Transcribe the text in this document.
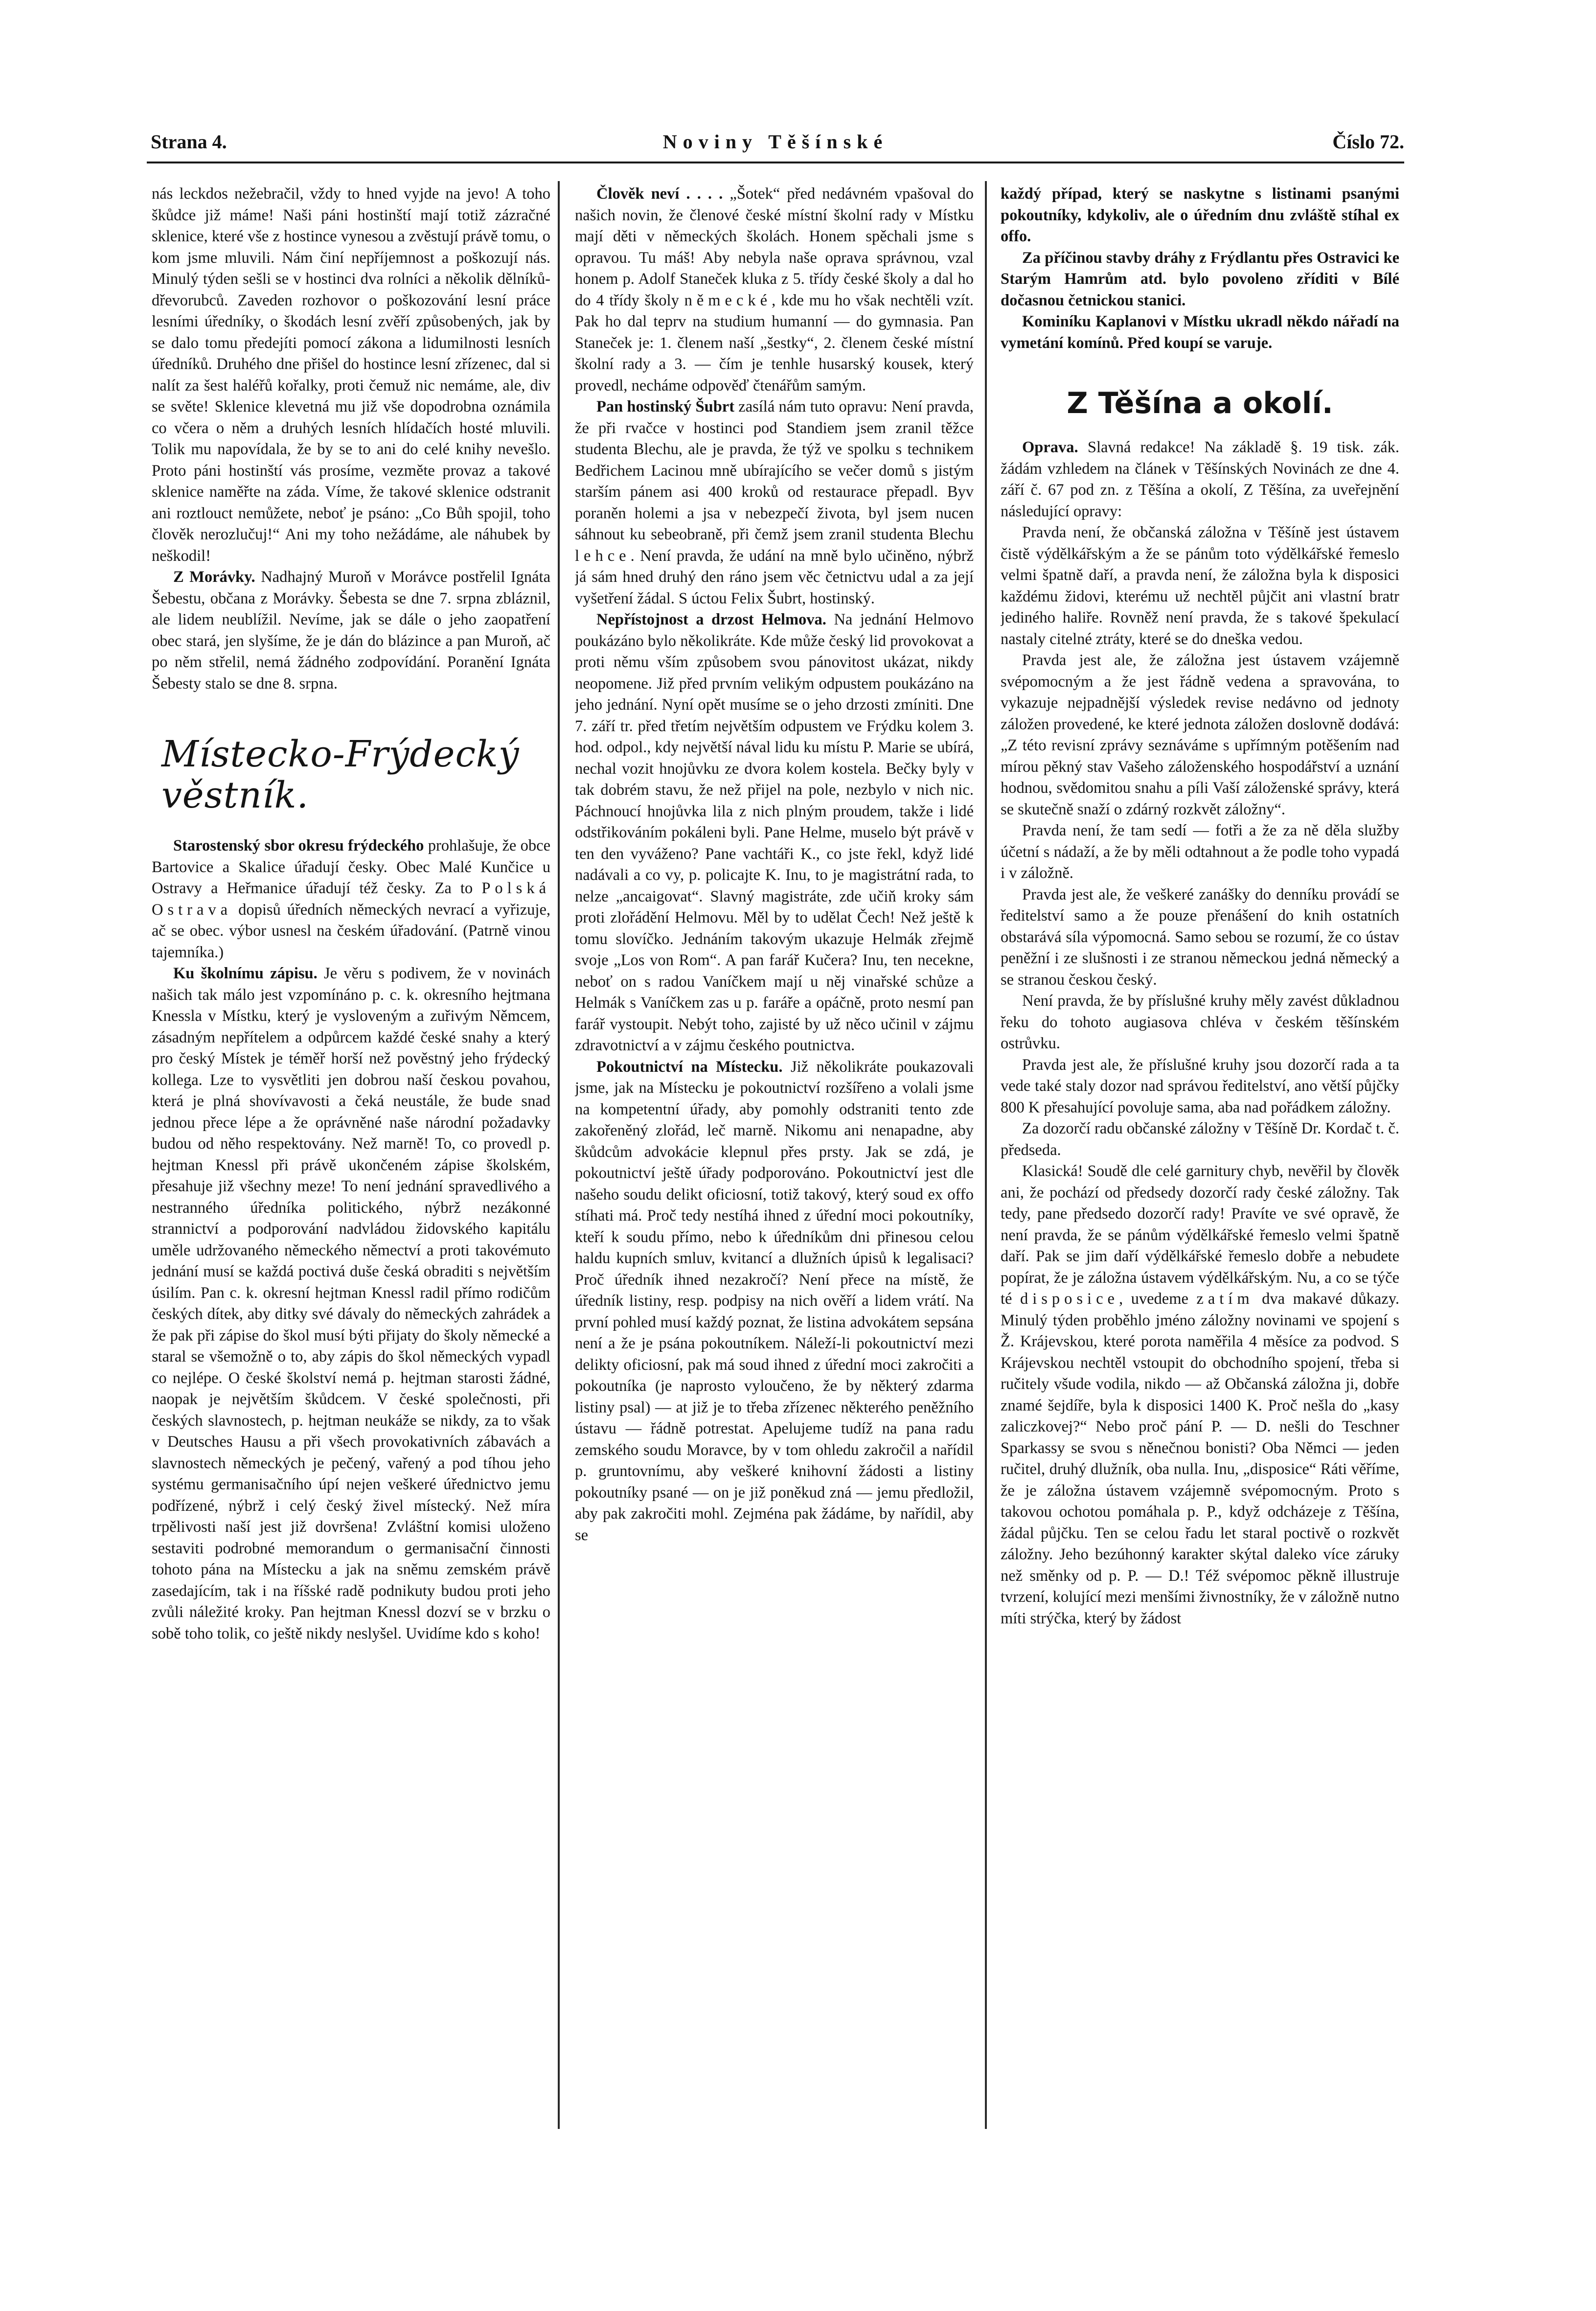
Strana 4.	Noviny Těšínské	Číslo 72.

nás leckdos nežebračil, vždy to hned vyjde na jevo! A toho škůdce již máme! Naši páni hostinští mají totiž zázračné sklenice, které vše z hostince vynesou a zvěstují právě tomu, o kom jsme mluvili. Nám činí nepříjemnost a poškozují nás. Minulý týden sešli se v hostinci dva rolníci a několik dělníků-dřevorubců. Zaveden rozhovor o poškozování lesní práce lesními úředníky, o škodách lesní zvěří způsobených, jak by se dalo tomu předejíti pomocí zákona a lidumilnosti lesních úředníků. Druhého dne přišel do hostince lesní zřízenec, dal si nalít za šest haléřů kořalky, proti čemuž nic nemáme, ale, div se světe! Sklenice klevetná mu již vše dopodrobna oznámila co včera o něm a druhých lesních hlídačích hosté mluvili. Tolik mu napovídala, že by se to ani do celé knihy nevešlo. Proto páni hostinští vás prosíme, vezměte provaz a takové sklenice naměřte na záda. Víme, že takové sklenice odstranit ani roztlouct nemůžete, neboť je psáno: „Co Bůh spojil, toho člověk nerozlučuj!“ Ani my toho nežádáme, ale náhubek by neškodil!

Z Morávky. Nadhajný Muroň v Morávce postřelil Ignáta Šebestu, občana z Morávky. Šebesta se dne 7. srpna zbláznil, ale lidem neublížil. Nevíme, jak se dále o jeho zaopatření obec stará, jen slyšíme, že je dán do blázince a pan Muroň, ač po něm střelil, nemá žádného zodpovídání. Poranění Ignáta Šebesty stalo se dne 8. srpna.

Místecko-Frýdecký věstník.

Starostenský sbor okresu frýdeckého prohlašuje, že obce Bartovice a Skalice úřadují česky. Obec Malé Kunčice u Ostravy a Heřmanice úřadují též česky. Za to Polská Ostrava dopisů úředních německých nevrací a vyřizuje, ač se obec. výbor usnesl na českém úřadování. (Patrně vinou tajemníka.)

Ku školnímu zápisu. Je věru s podivem, že v novinách našich tak málo jest vzpomínáno p. c. k. okresního hejtmana Knessla v Místku, který je vysloveným a zuřivým Němcem, zásadným nepřítelem a odpůrcem každé české snahy a který pro český Místek je téměř horší než pověstný jeho frýdecký kollega. Lze to vysvětliti jen dobrou naší českou povahou, která je plná shovívavosti a čeká neustále, že bude snad jednou přece lépe a že oprávněné naše národní požadavky budou od něho respektovány. Než marně! To, co provedl p. hejtman Knessl při právě ukončeném zápise školském, přesahuje již všechny meze! To není jednání spravedlivého a nestranného úředníka politického, nýbrž nezákonné strannictví a podporování nadvládou židovského kapitálu uměle udržovaného německého němectví a proti takovémuto jednání musí se každá poctivá duše česká obraditi s největším úsilím. Pan c. k. okresní hejtman Knessl radil přímo rodičům českých dítek, aby ditky své dávaly do německých zahrádek a že pak při zápise do škol musí býti přijaty do školy německé a staral se všemožně o to, aby zápis do škol německých vypadl co nejlépe. O české školství nemá p. hejtman starosti žádné, naopak je největším škůdcem. V české společnosti, při českých slavnostech, p. hejtman neukáže se nikdy, za to však v Deutsches Hausu a při všech provokativních zábavách a slavnostech německých je pečený, vařený a pod tíhou jeho systému germanisačního úpí nejen veškeré úřednictvo jemu podřízené, nýbrž i celý český živel místecký. Než míra trpělivosti naší jest již dovršena! Zvláštní komisi uloženo sestaviti podrobné memorandum o germanisační činnosti tohoto pána na Místecku a jak na sněmu zemském právě zasedajícím, tak i na říšské radě podnikuty budou proti jeho zvůli náležité kroky. Pan hejtman Knessl dozví se v brzku o sobě toho tolik, co ještě nikdy neslyšel. Uvidíme kdo s koho!

Člověk neví . . . . „Šotek“ před nedávném vpašoval do našich novin, že členové české místní školní rady v Místku mají děti v německých školách. Honem spěchali jsme s opravou. Tu máš! Aby nebyla naše oprava správnou, vzal honem p. Adolf Staneček kluka z 5. třídy české školy a dal ho do 4 třídy školy německé, kde mu ho však nechtěli vzít. Pak ho dal teprv na studium humanní — do gymnasia. Pan Staneček je: 1. členem naší „šestky“, 2. členem české místní školní rady a 3. — čím je tenhle husarský kousek, který provedl, necháme odpověď čtenářům samým.

Pan hostinský Šubrt zasílá nám tuto opravu: Není pravda, že při rvačce v hostinci pod Standiem jsem zranil těžce studenta Blechu, ale je pravda, že týž ve spolku s technikem Bedřichem Lacinou mně ubírajícího se večer domů s jistým starším pánem asi 400 kroků od restaurace přepadl. Byv poraněn holemi a jsa v nebezpečí života, byl jsem nucen sáhnout ku sebeobraně, při čemž jsem zranil studenta Blechu lehce. Není pravda, že udání na mně bylo učiněno, nýbrž já sám hned druhý den ráno jsem věc četnictvu udal a za její vyšetření žádal. S úctou Felix Šubrt, hostinský.

Nepřístojnost a drzost Helmova. Na jednání Helmovo poukázáno bylo několikráte. Kde může český lid provokovat a proti němu vším způsobem svou pánovitost ukázat, nikdy neopomene. Již před prvním velikým odpustem poukázáno na jeho jednání. Nyní opět musíme se o jeho drzosti zmíniti. Dne 7. září tr. před třetím největším odpustem ve Frýdku kolem 3. hod. odpol., kdy největší nával lidu ku místu P. Marie se ubírá, nechal vozit hnojůvku ze dvora kolem kostela. Bečky byly v tak dobrém stavu, že než přijel na pole, nezbylo v nich nic. Páchnoucí hnojůvka lila z nich plným proudem, takže i lidé odstřikováním pokáleni byli. Pane Helme, muselo být právě v ten den vyváženo? Pane vachtáři K., co jste řekl, když lidé nadávali a co vy, p. policajte K. Inu, to je magistrátní rada, to nelze „ancaigovat“. Slavný magistráte, zde učiň kroky sám proti zlořádění Helmovu. Měl by to udělat Čech! Než ještě k tomu slovíčko. Jednáním takovým ukazuje Helmák zřejmě svoje „Los von Rom“. A pan farář Kučera? Inu, ten necekne, neboť on s radou Vaníčkem mají u něj vinařské schůze a Helmák s Vaníčkem zas u p. faráře a opáčně, proto nesmí pan farář vystoupit. Nebýt toho, zajisté by už něco učinil v zájmu zdravotnictví a v zájmu českého poutnictva.

Pokoutnictví na Místecku. Již několikráte poukazovali jsme, jak na Místecku je pokoutnictví rozšířeno a volali jsme na kompetentní úřady, aby pomohly odstraniti tento zde zakořeněný zlořád, leč marně. Nikomu ani nenapadne, aby škůdcům advokácie klepnul přes prsty. Jak se zdá, je pokoutnictví ještě úřady podporováno. Pokoutnictví jest dle našeho soudu delikt oficiosní, totiž takový, který soud ex offo stíhati má. Proč tedy nestíhá ihned z úřední moci pokoutníky, kteří k soudu přímo, nebo k úředníkům dni přinesou celou haldu kupních smluv, kvitancí a dlužních úpisů k legalisaci? Proč úředník ihned nezakročí? Není přece na místě, že úředník listiny, resp. podpisy na nich ověří a lidem vrátí. Na první pohled musí každý poznat, že listina advokátem sepsána není a že je psána pokoutníkem. Náleží-li pokoutnictví mezi delikty oficiosní, pak má soud ihned z úřední moci zakročiti a pokoutníka (je naprosto vyloučeno, že by některý zdarma listiny psal) — at již je to třeba zřízenec některého peněžního ústavu — řádně potrestat. Apelujeme tudíž na pana radu zemského soudu Moravce, by v tom ohledu zakročil a nařídil p. gruntovnímu, aby veškeré knihovní žádosti a listiny pokoutníky psané — on je již poněkud zná — jemu předložil, aby pak zakročiti mohl. Zejména pak žádáme, by nařídil, aby se

každý případ, který se naskytne s listinami psanými pokoutníky, kdykoliv, ale o úředním dnu zvláště stíhal ex offo.

Za příčinou stavby dráhy z Frýdlantu přes Ostravici ke Starým Hamrům atd. bylo povoleno zříditi v Bílé dočasnou četnickou stanici.

Kominíku Kaplanovi v Místku ukradl někdo nářadí na vymetání komínů. Před koupí se varuje.

Z Těšína a okolí.

Oprava. Slavná redakce! Na základě §. 19 tisk. zák. žádám vzhledem na článek v Těšínských Novinách ze dne 4. září č. 67 pod zn. z Těšína a okolí, Z Těšína, za uveřejnění následující opravy:

Pravda není, že občanská záložna v Těšíně jest ústavem čistě výdělkářským a že se pánům toto výdělkářské řemeslo velmi špatně daří, a pravda není, že záložna byla k disposici každému židovi, kterému už nechtěl půjčit ani vlastní bratr jediného haliře. Rovněž není pravda, že s takové špekulací nastaly citelné ztráty, které se do dneška vedou.

Pravda jest ale, že záložna jest ústavem vzájemně svépomocným a že jest řádně vedena a spravována, to vykazuje nejpadnější výsledek revise nedávno od jednoty záložen provedené, ke které jednota záložen doslovně dodává: „Z této revisní zprávy seznáváme s upřímným potěšením nad mírou pěkný stav Vašeho záloženského hospodářství a uznání hodnou, svědomitou snahu a píli Vaší záloženské správy, která se skutečně snaží o zdárný rozkvět záložny“.

Pravda není, že tam sedí — fotři a že za ně děla služby účetní s nádaží, a že by měli odtahnout a že podle toho vypadá i v záložně.

Pravda jest ale, že veškeré zanášky do denníku provádí se ředitelství samo a že pouze přenášení do knih ostatních obstarává síla výpomocná. Samo sebou se rozumí, že co ústav peněžní i ze slušnosti i ze stranou německou jedná německý a se stranou českou český.

Není pravda, že by příslušné kruhy měly zavést důkladnou řeku do tohoto augiasova chléva v českém těšínském ostrůvku.

Pravda jest ale, že příslušné kruhy jsou dozorčí rada a ta vede také staly dozor nad správou ředitelství, ano větší půjčky 800 K přesahující povoluje sama, aba nad pořádkem záložny.

Za dozorčí radu občanské záložny v Těšíně Dr. Kordač t. č. předseda.

Klasická! Soudě dle celé garnitury chyb, nevěřil by člověk ani, že pochází od předsedy dozorčí rady české záložny. Tak tedy, pane předsedo dozorčí rady! Pravíte ve své opravě, že není pravda, že se pánům výdělkářské řemeslo velmi špatně daří. Pak se jim daří výdělkářské řemeslo dobře a nebudete popírat, že je záložna ústavem výdělkářským. Nu, a co se týče té disposice, uvedeme zatím dva makavé důkazy. Minulý týden proběhlo jméno záložny novinami ve spojení s Ž. Krájevskou, které porota naměřila 4 měsíce za podvod. S Krájevskou nechtěl vstoupit do obchodního spojení, třeba si ručitely všude vodila, nikdo — až Občanská záložna ji, dobře znamé šejdíře, byla k disposici 1400 K. Proč nešla do „kasy zaliczkovej?“ Nebo proč pání P. — D. nešli do Teschner Sparkassy se svou s něnečnou bonisti? Oba Němci — jeden ručitel, druhý dlužník, oba nulla. Inu, „disposice“ Ráti věříme, že je záložna ústavem vzájemně svépomocným. Proto s takovou ochotou pomáhala p. P., když odcházeje z Těšína, žádal půjčku. Ten se celou řadu let staral poctivě o rozkvět záložny. Jeho bezúhonný karakter skýtal daleko více záruky než směnky od p. P. — D.! Též svépomoc pěkně illustruje tvrzení, kolující mezi menšími živnostníky, že v záložně nutno míti strýčka, který by žádost
